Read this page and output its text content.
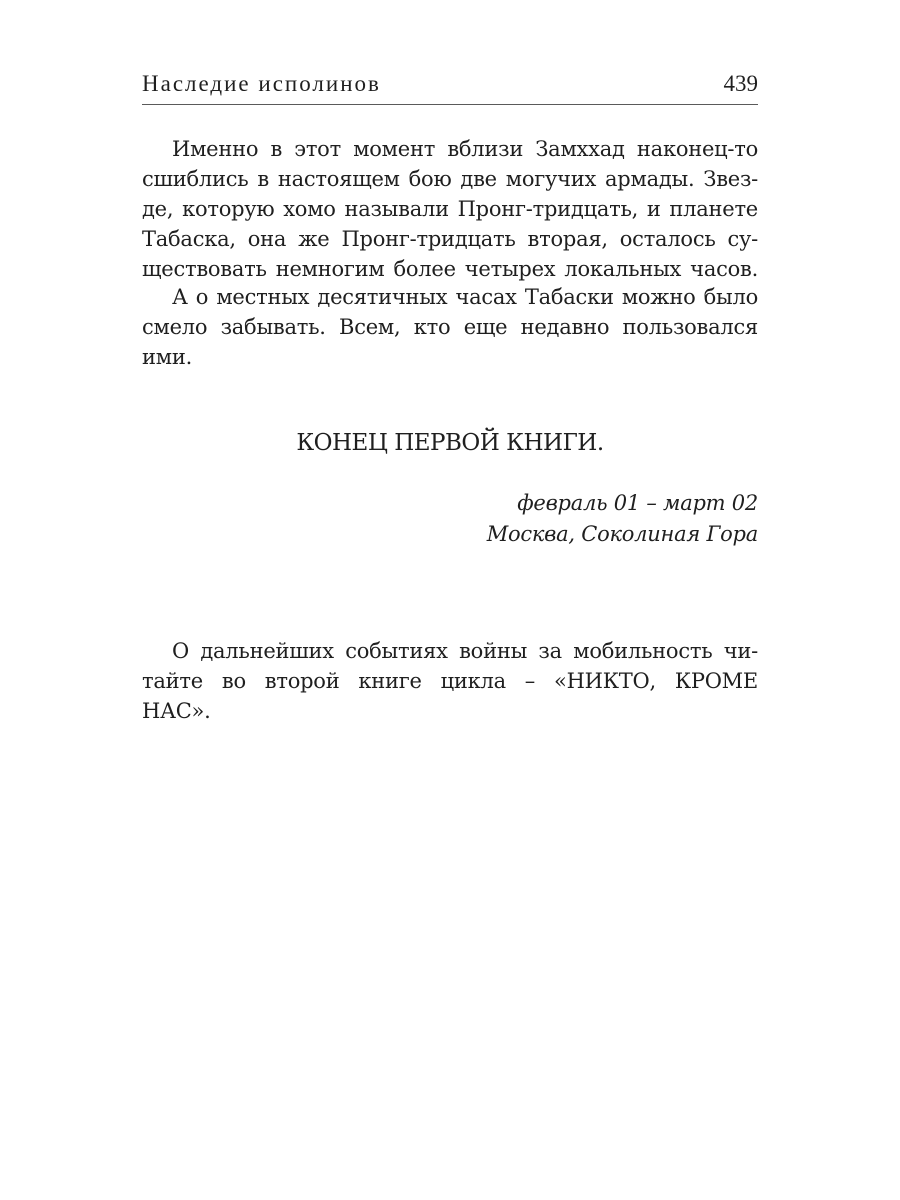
Наследие исполинов	439
Именно в этот момент вблизи Замххад наконец-то
сшиблись в настоящем бою две могучих армады. Звез-
де, которую хомо называли Пронг-тридцать, и планете
Табаска, она же Пронг-тридцать вторая, осталось су-
ществовать немногим более четырех локальных часов.
А о местных десятичных часах Табаски можно было
смело забывать. Всем, кто еще недавно пользовался
ими.
КОНЕЦ ПЕРВОЙ КНИГИ.
февраль 01 – март 02
Москва, Соколиная Гора
О дальнейших событиях войны за мобильность чи-
тайте во второй книге цикла – «НИКТО, КРОМЕ
НАС».
